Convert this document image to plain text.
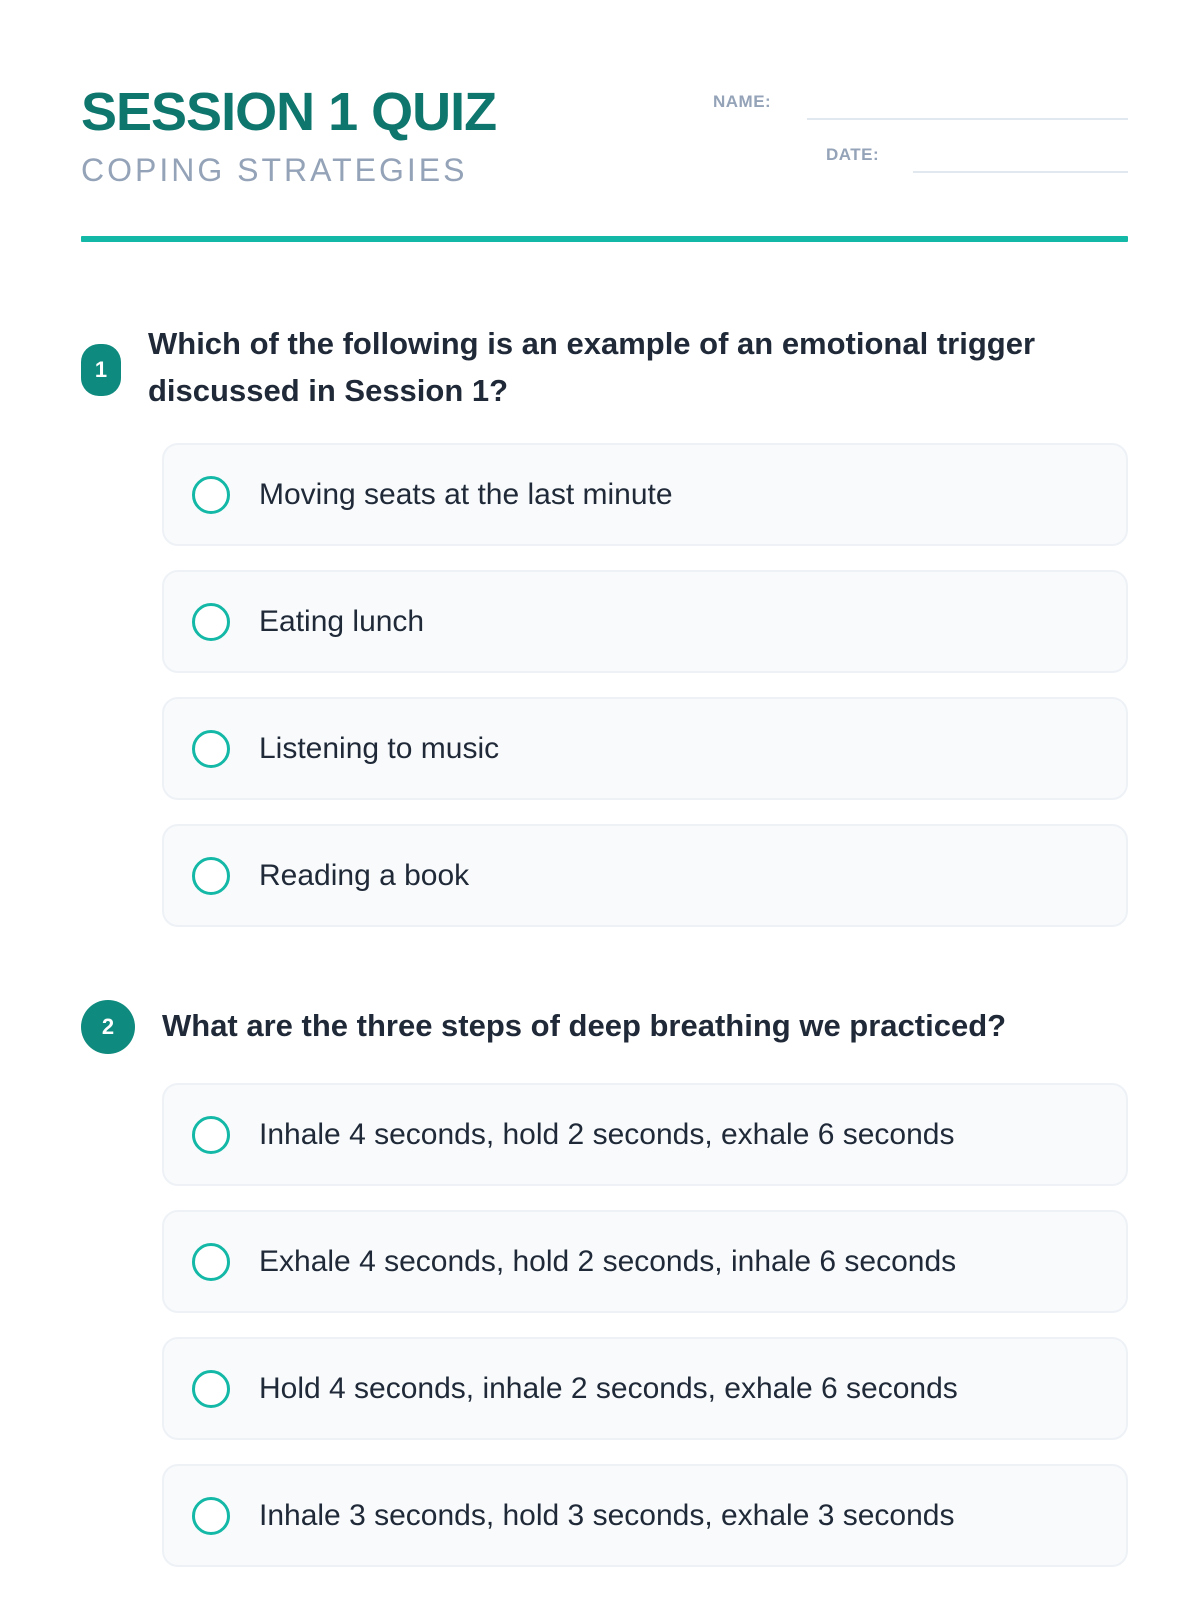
SESSION 1 QUIZ
COPING STRATEGIES
NAME:
DATE:
1
Which of the following is an example of an emotional trigger discussed in Session 1?
Moving seats at the last minute
Eating lunch
Listening to music
Reading a book
2	What are the three steps of deep breathing we practiced?
Inhale 4 seconds, hold 2 seconds, exhale 6 seconds
Exhale 4 seconds, hold 2 seconds, inhale 6 seconds
Hold 4 seconds, inhale 2 seconds, exhale 6 seconds
Inhale 3 seconds, hold 3 seconds, exhale 3 seconds
